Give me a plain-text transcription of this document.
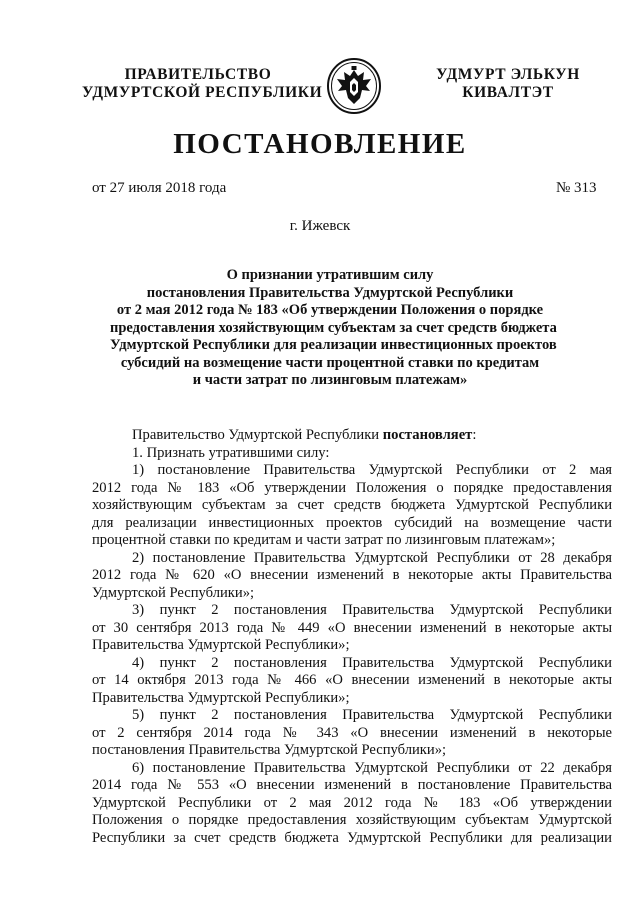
ПРАВИТЕЛЬСТВО
УДМУРТСКОЙ РЕСПУБЛИКИ
УДМУРТ ЭЛЬКУН
КИВАЛТЭТ
ПОСТАНОВЛЕНИЕ
от 27 июля 2018 года	№ 313
г. Ижевск
О признании утратившим силу
постановления Правительства Удмуртской Республики
от 2 мая 2012 года № 183 «Об утверждении Положения о порядке
предоставления хозяйствующим субъектам за счет средств бюджета
Удмуртской Республики для реализации инвестиционных проектов
субсидий на возмещение части процентной ставки по кредитам
и части затрат по лизинговым платежам»
Правительство Удмуртской Республики постановляет:
1. Признать утратившими силу:
1) постановление Правительства Удмуртской Республики от 2 мая
2012 года № 183 «Об утверждении Положения о порядке предоставления
хозяйствующим субъектам за счет средств бюджета Удмуртской Республики
для реализации инвестиционных проектов субсидий на возмещение части
процентной ставки по кредитам и части затрат по лизинговым платежам»;
2) постановление Правительства Удмуртской Республики от 28 декабря
2012 года № 620 «О внесении изменений в некоторые акты Правительства
Удмуртской Республики»;
3) пункт 2 постановления Правительства Удмуртской Республики
от 30 сентября 2013 года № 449 «О внесении изменений в некоторые акты
Правительства Удмуртской Республики»;
4) пункт 2 постановления Правительства Удмуртской Республики
от 14 октября 2013 года № 466 «О внесении изменений в некоторые акты
Правительства Удмуртской Республики»;
5) пункт 2 постановления Правительства Удмуртской Республики
от 2 сентября 2014 года № 343 «О внесении изменений в некоторые
постановления Правительства Удмуртской Республики»;
6) постановление Правительства Удмуртской Республики от 22 декабря
2014 года № 553 «О внесении изменений в постановление Правительства
Удмуртской Республики от 2 мая 2012 года № 183 «Об утверждении
Положения о порядке предоставления хозяйствующим субъектам Удмуртской
Республики за счет средств бюджета Удмуртской Республики для реализации
